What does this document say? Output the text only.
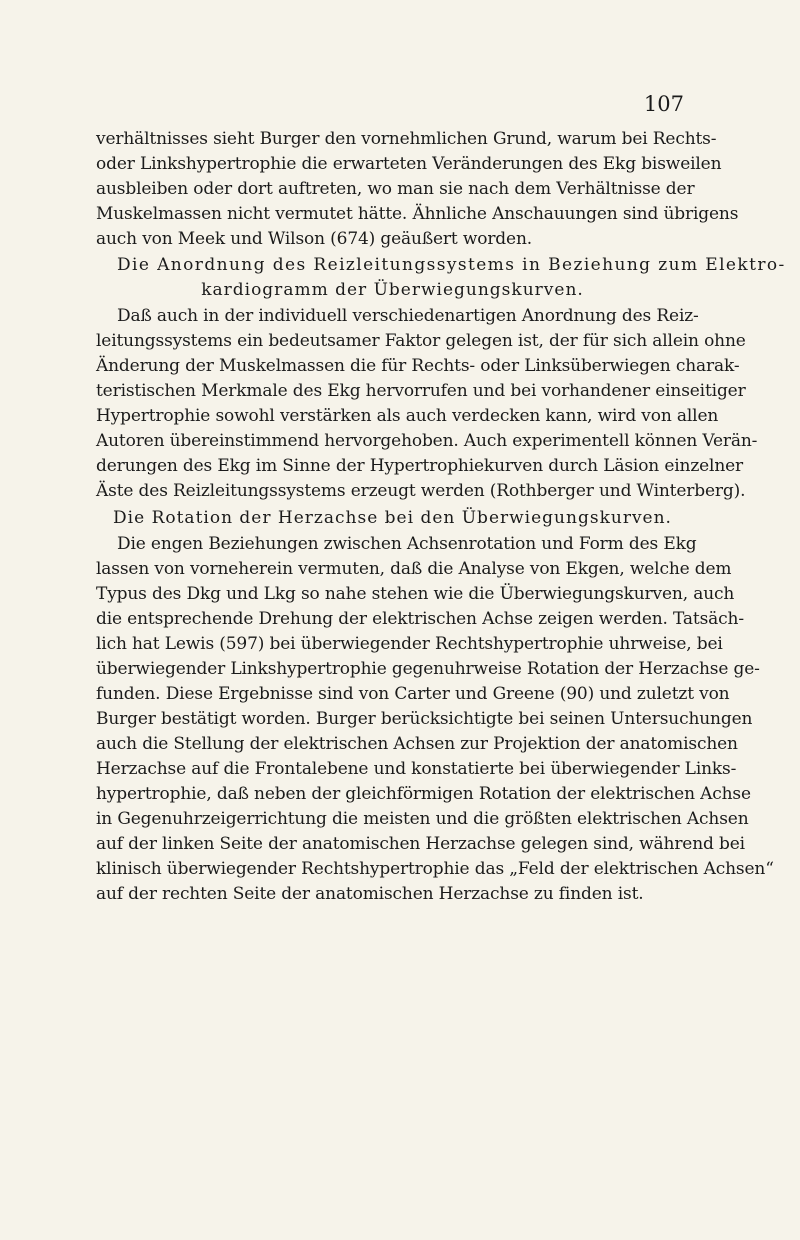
107
verhältnisses sieht Burger den vornehmlichen Grund, warum bei Rechts-
oder Linkshypertrophie die erwarteten Veränderungen des Ekg bisweilen
ausbleiben oder dort auftreten, wo man sie nach dem Verhältnisse der
Muskelmassen nicht vermutet hätte. Ähnliche Anschauungen sind übrigens
auch von Meek und Wilson (674) geäußert worden.
Die Anordnung des Reizleitungssystems in Beziehung zum Elektro-
kardiogramm der Überwiegungskurven.
Daß auch in der individuell verschiedenartigen Anordnung des Reiz-
leitungssystems ein bedeutsamer Faktor gelegen ist, der für sich allein ohne
Änderung der Muskelmassen die für Rechts- oder Linksüberwiegen charak-
teristischen Merkmale des Ekg hervorrufen und bei vorhandener einseitiger
Hypertrophie sowohl verstärken als auch verdecken kann, wird von allen
Autoren übereinstimmend hervorgehoben. Auch experimentell können Verän-
derungen des Ekg im Sinne der Hypertrophiekurven durch Läsion einzelner
Äste des Reizleitungssystems erzeugt werden (Rothberger und Winterberg).
Die Rotation der Herzachse bei den Überwiegungskurven.
Die engen Beziehungen zwischen Achsenrotation und Form des Ekg
lassen von vorneherein vermuten, daß die Analyse von Ekgen, welche dem
Typus des Dkg und Lkg so nahe stehen wie die Überwiegungskurven, auch
die entsprechende Drehung der elektrischen Achse zeigen werden. Tatsäch-
lich hat Lewis (597) bei überwiegender Rechtshypertrophie uhrweise, bei
überwiegender Linkshypertrophie gegenuhrweise Rotation der Herzachse ge-
funden. Diese Ergebnisse sind von Carter und Greene (90) und zuletzt von
Burger bestätigt worden. Burger berücksichtigte bei seinen Untersuchungen
auch die Stellung der elektrischen Achsen zur Projektion der anatomischen
Herzachse auf die Frontalebene und konstatierte bei überwiegender Links-
hypertrophie, daß neben der gleichförmigen Rotation der elektrischen Achse
in Gegenuhrzeigerrichtung die meisten und die größten elektrischen Achsen
auf der linken Seite der anatomischen Herzachse gelegen sind, während bei
klinisch überwiegender Rechtshypertrophie das „Feld der elektrischen Achsen“
auf der rechten Seite der anatomischen Herzachse zu finden ist.
